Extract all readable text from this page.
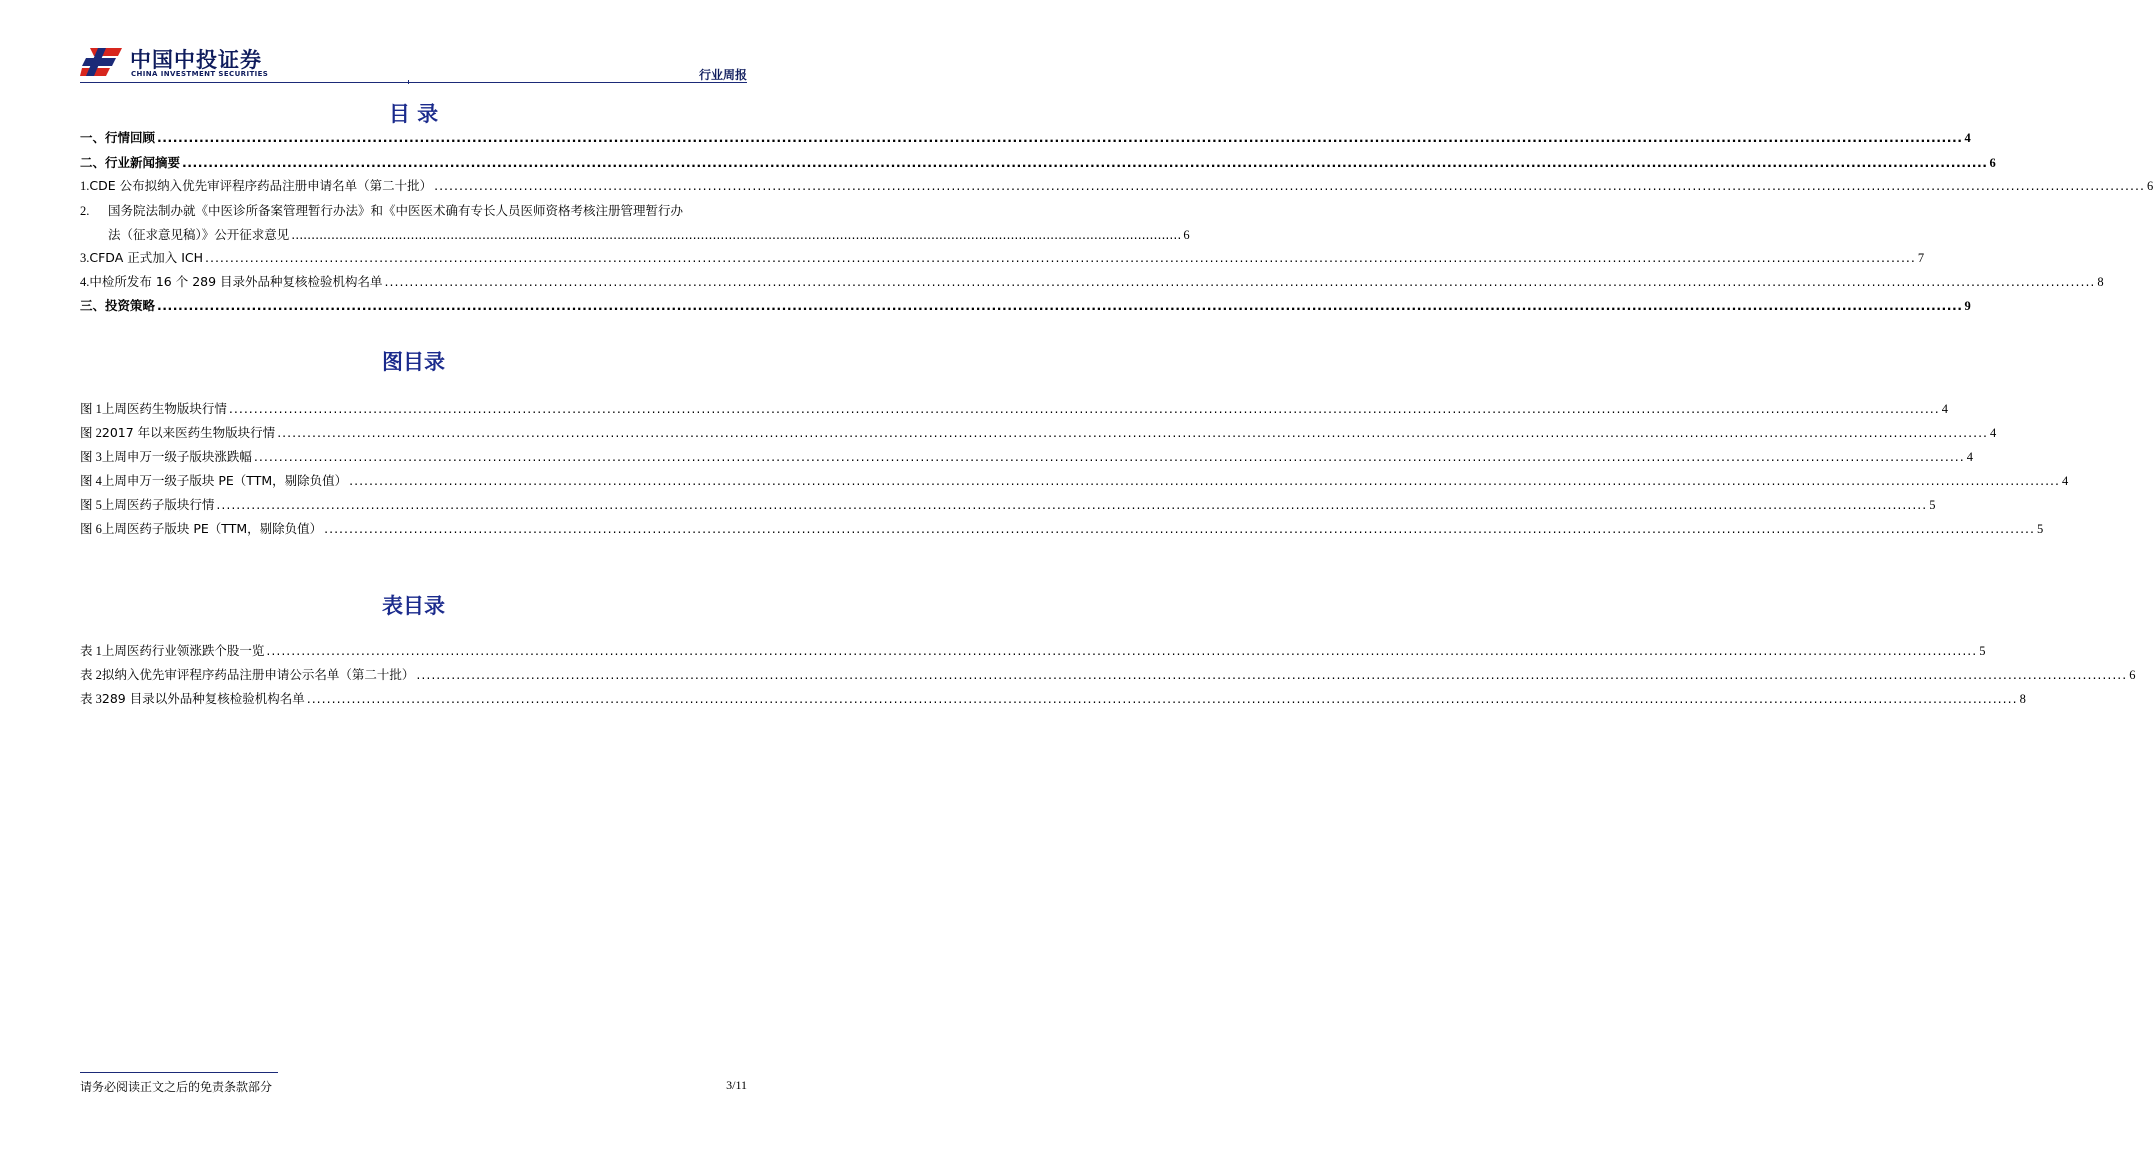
中国中投证券
CHINA INVESTMENT SECURITIES	行业周报
目 录
一、行情回顾 .....	4
二、行业新闻摘要 .....	6
1. CDE 公布拟纳入优先审评程序药品注册申请名单（第二十批） .....	6
2.	国务院法制办就《中医诊所备案管理暂行办法》和《中医医术确有专长人员医师资格考核注册管理暂行办
法（征求意见稿）》公开征求意见 ................................................................................................................................................................................................................................ 6
3. CFDA 正式加入 ICH .....	7
4. 中检所发布 16 个 289 目录外品种复核检验机构名单 .....	8
三、投资策略 .....	9
图目录
图 1 上周医药生物版块行情 .....	4
图 2 2017 年以来医药生物版块行情 .....	4
图 3 上周申万一级子版块涨跌幅 .....	4
图 4 上周申万一级子版块 PE（TTM，剔除负值） .....	4
图 5 上周医药子版块行情 .....	5
图 6 上周医药子版块 PE（TTM，剔除负值） .....	5
表目录
表 1 上周医药行业领涨跌个股一览 .....	5
表 2 拟纳入优先审评程序药品注册申请公示名单（第二十批） .....	6
表 3 289 目录以外品种复核检验机构名单 .....	8
请务必阅读正文之后的免责条款部分	3/11
